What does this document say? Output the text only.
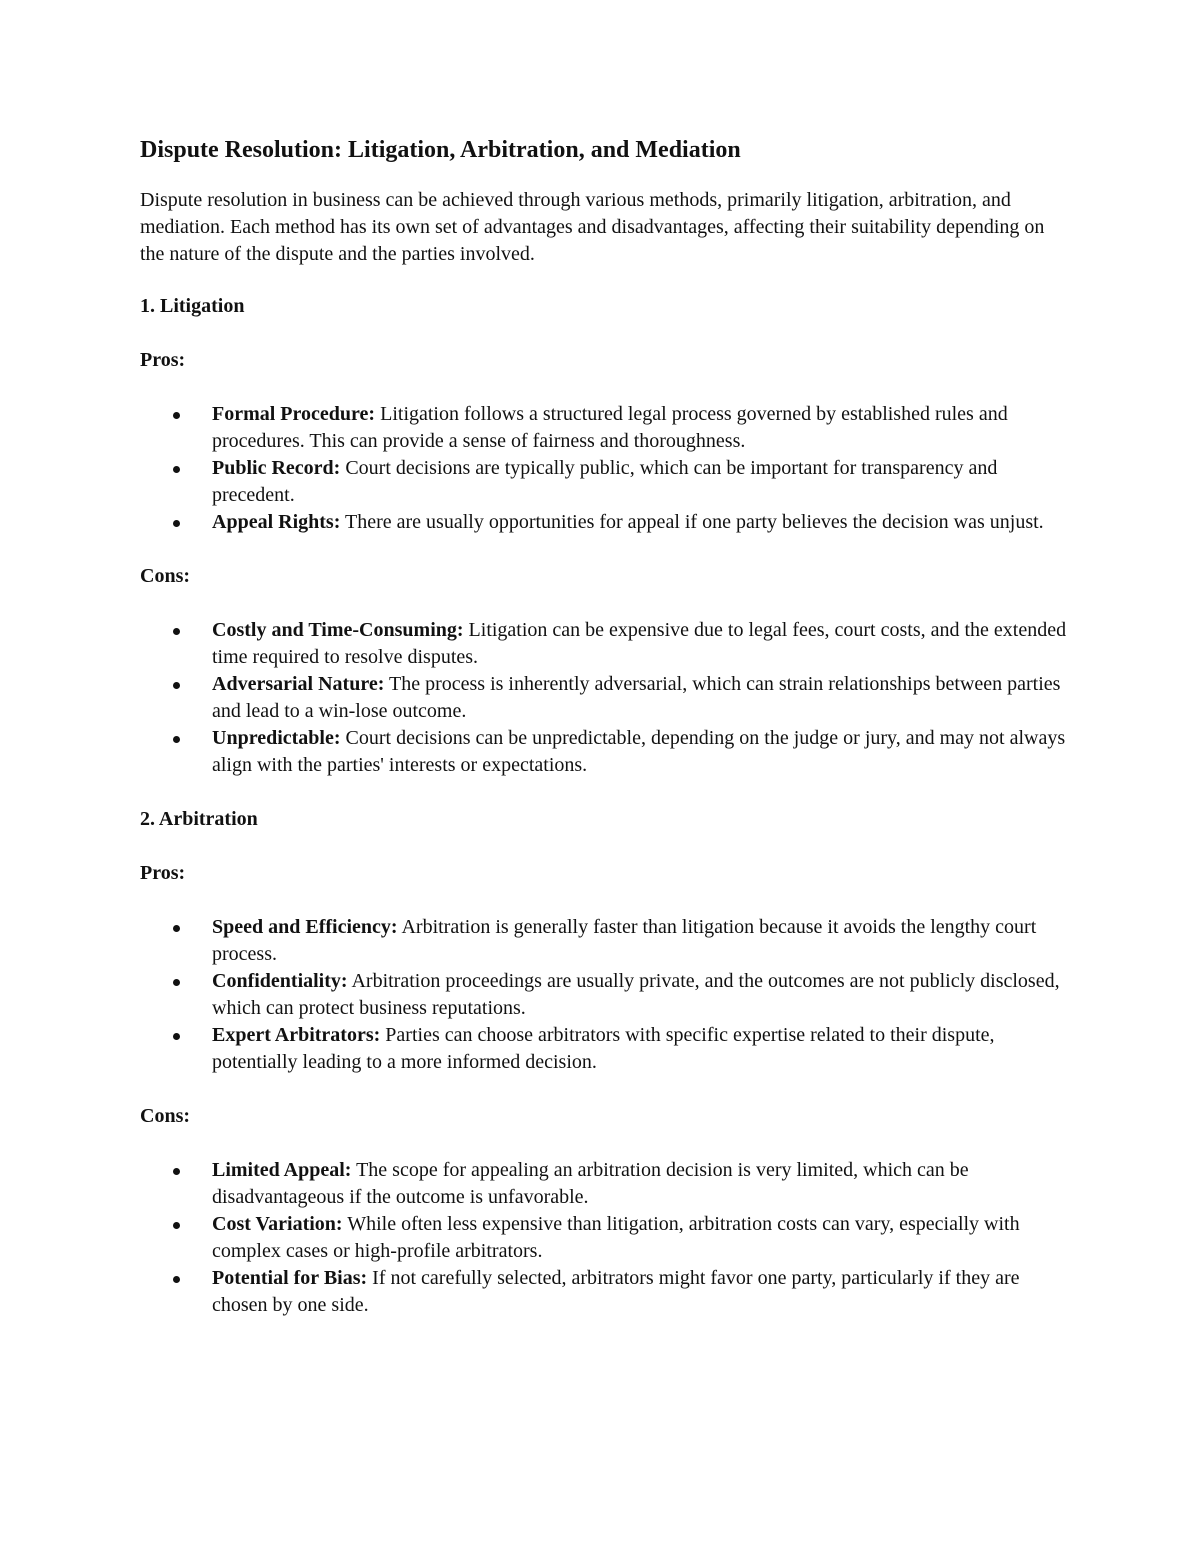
Dispute Resolution: Litigation, Arbitration, and Mediation

Dispute resolution in business can be achieved through various methods, primarily litigation, arbitration, and mediation. Each method has its own set of advantages and disadvantages, affecting their suitability depending on the nature of the dispute and the parties involved.

1. Litigation
Pros:
Formal Procedure: Litigation follows a structured legal process governed by established rules and procedures. This can provide a sense of fairness and thoroughness.
Public Record: Court decisions are typically public, which can be important for transparency and precedent.
Appeal Rights: There are usually opportunities for appeal if one party believes the decision was unjust.
Cons:
Costly and Time-Consuming: Litigation can be expensive due to legal fees, court costs, and the extended time required to resolve disputes.
Adversarial Nature: The process is inherently adversarial, which can strain relationships between parties and lead to a win-lose outcome.
Unpredictable: Court decisions can be unpredictable, depending on the judge or jury, and may not always align with the parties' interests or expectations.
2. Arbitration
Pros:
Speed and Efficiency: Arbitration is generally faster than litigation because it avoids the lengthy court process.
Confidentiality: Arbitration proceedings are usually private, and the outcomes are not publicly disclosed, which can protect business reputations.
Expert Arbitrators: Parties can choose arbitrators with specific expertise related to their dispute, potentially leading to a more informed decision.
Cons:
Limited Appeal: The scope for appealing an arbitration decision is very limited, which can be disadvantageous if the outcome is unfavorable.
Cost Variation: While often less expensive than litigation, arbitration costs can vary, especially with complex cases or high-profile arbitrators.
Potential for Bias: If not carefully selected, arbitrators might favor one party, particularly if they are chosen by one side.
